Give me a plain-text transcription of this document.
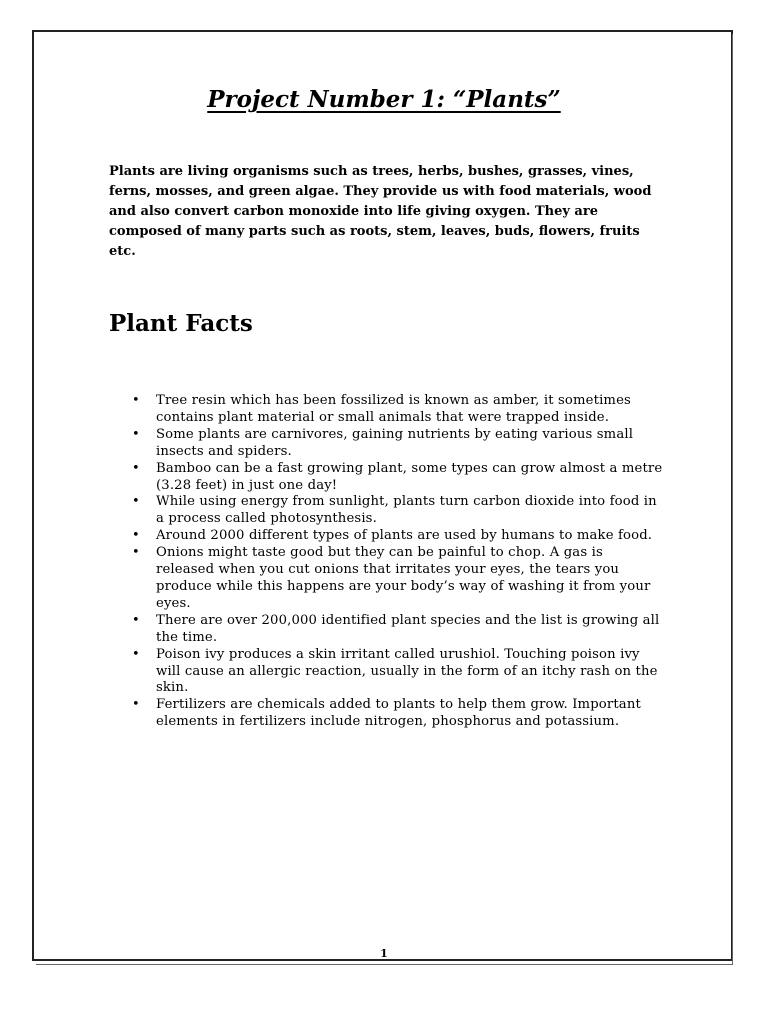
Project Number 1: “Plants”

Plants are living organisms such as trees, herbs, bushes, grasses, vines, ferns, mosses, and green algae. They provide us with food materials, wood and also convert carbon monoxide into life giving oxygen. They are composed of many parts such as roots, stem, leaves, buds, flowers, fruits etc.

Plant Facts
• Tree resin which has been fossilized is known as amber, it sometimes contains plant material or small animals that were trapped inside.
• Some plants are carnivores, gaining nutrients by eating various small insects and spiders.
• Bamboo can be a fast growing plant, some types can grow almost a metre (3.28 feet) in just one day!
• While using energy from sunlight, plants turn carbon dioxide into food in a process called photosynthesis.
• Around 2000 different types of plants are used by humans to make food.
• Onions might taste good but they can be painful to chop. A gas is released when you cut onions that irritates your eyes, the tears you produce while this happens are your body’s way of washing it from your eyes.
• There are over 200,000 identified plant species and the list is growing all the time.
• Poison ivy produces a skin irritant called urushiol. Touching poison ivy will cause an allergic reaction, usually in the form of an itchy rash on the skin.
• Fertilizers are chemicals added to plants to help them grow. Important elements in fertilizers include nitrogen, phosphorus and potassium.
1
